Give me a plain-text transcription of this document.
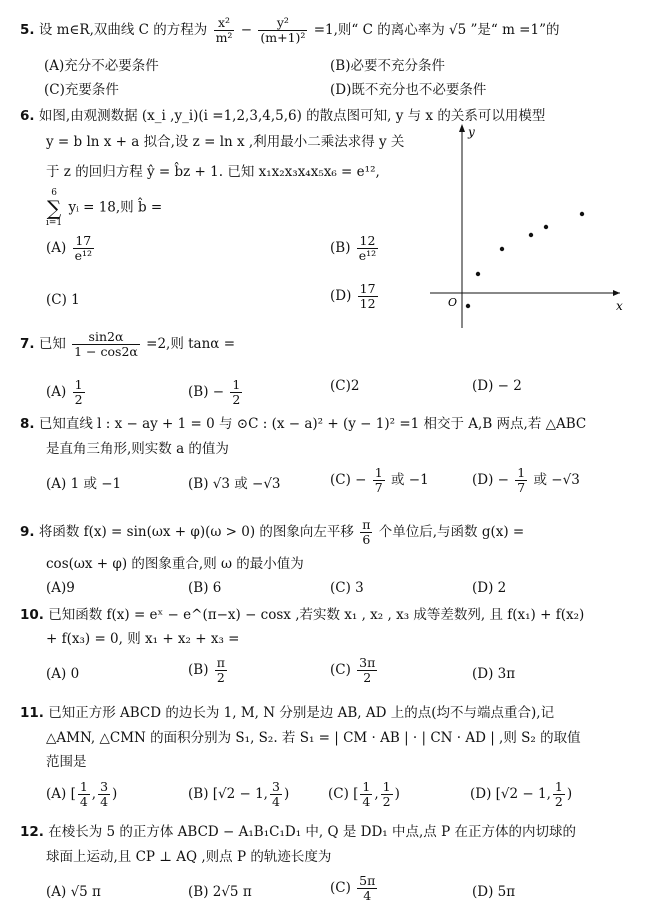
5. 设 m∈R,双曲线 C 的方程为 $\frac{\text{x²}}{\text{m²}} - \frac{\text{y²}}{\text{(m+1)²}} =1$,则“ C 的离心率为 √5 ”是“ m =1”的
(A)充分不必要条件	(B)必要不充分条件
(C)充要条件	(D)既不充分也不必要条件
6. 如图,由观测数据 (x_i ,y_i)(i =1,2,3,4,5,6) 的散点图可知, y 与 x 的关系可以用模型
y = b ln x + a 拟合,设 z = ln x ,利用最小二乘法求得 y 关
于 z 的回归方程 ŷ = b̂z + 1. 已知 x₁x₂x₃x₄x₅x₆ = e¹²,
6
∑
i=1
yᵢ = 18,则 b̂ =
$(A) \frac{17}{\text{e¹²}}$	$(B) \frac{12}{\text{e¹²}}$
(C) 1	$(D) \frac{17}{12}$
y
x
O
7. 已知 $\frac{\sin 2\alpha}{1 - \cos 2\alpha} =2$,则 tanα =
$(A) \frac{1}{2}$	$(B) - \frac{1}{2}$	(C)2	(D) − 2
8. 已知直线 l : x − ay + 1 = 0 与 ⊙C : (x − a)² + (y − 1)² =1 相交于 A,B 两点,若 △ABC
是直角三角形,则实数 a 的值为
(A) 1 或 −1	(B) √3 或 −√3	$(C) - \frac{1}{7}$ 或 −1	$(D) - \frac{1}{7}$ 或 −√3
9. 将函数 f(x) = sin(ωx + φ)(ω > 0) 的图象向左平移 $\frac{\pi}{6}$ 个单位后,与函数 g(x) =
cos(ωx + φ) 的图象重合,则 ω 的最小值为
(A)9	(B) 6	(C) 3	(D) 2
10. 已知函数 f(x) = eˣ − e^(π−x) − cosx ,若实数 x₁ , x₂ , x₃ 成等差数列, 且 f(x₁) + f(x₂)
+ f(x₃) = 0, 则 x₁ + x₂ + x₃ =
(A) 0	$(B) \frac{\pi}{2}$	$(C) \frac{3\pi}{2}$	(D) 3π
11. 已知正方形 ABCD 的边长为 1, M, N 分别是边 AB, AD 上的点(均不与端点重合),记
△AMN, △CMN 的面积分别为 S₁, S₂. 若 S₁ = | CM · AB | · | CN · AD | ,则 S₂ 的取值
范围是
(A) [ $\frac{1}{4}$ , $\frac{3}{4}$ )	(B) [√2 − 1, $\frac{3}{4}$ )	(C) [ $\frac{1}{4}$ , $\frac{1}{2}$ )	(D) [√2 − 1, $\frac{1}{2}$ )
12. 在棱长为 5 的正方体 ABCD − A₁B₁C₁D₁ 中, Q 是 DD₁ 中点,点 P 在正方体的内切球的
球面上运动,且 CP ⊥ AQ ,则点 P 的轨迹长度为
(A) √5 π	(B) 2√5 π	$(C) \frac{5\pi}{4}$	(D) 5π
